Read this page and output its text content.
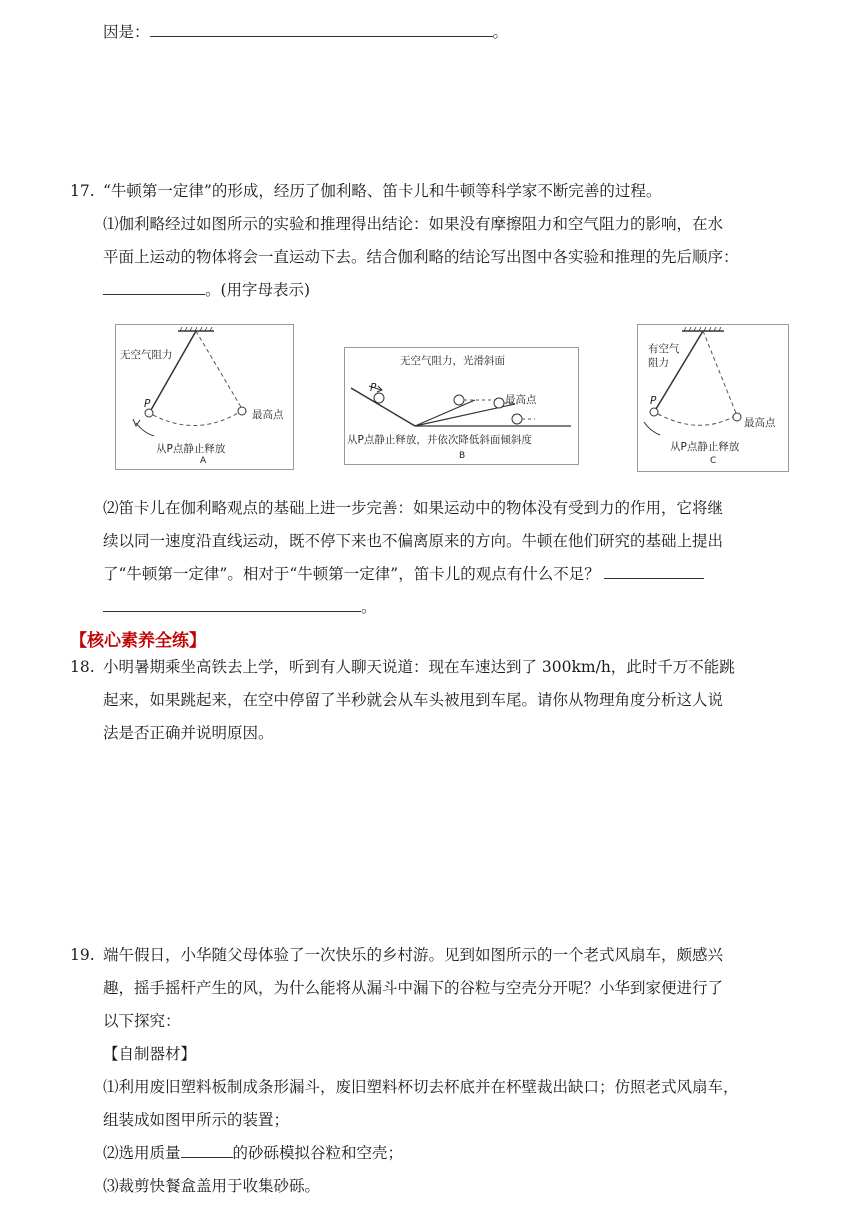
因是：	。
17. “牛顿第一定律”的形成，经历了伽利略、笛卡儿和牛顿等科学家不断完善的过程。
⑴伽利略经过如图所示的实验和推理得出结论：如果没有摩擦阻力和空气阻力的影响，在水
平面上运动的物体将会一直运动下去。结合伽利略的结论写出图中各实验和推理的先后顺序：
。(用字母表示)
无空气阻力
P
最高点
从P点静止释放
A
无空气阻力，光滑斜面
P
最高点
从P点静止释放，并依次降低斜面倾斜度
B
有空气
阻力
P
最高点
从P点静止释放
C
⑵笛卡儿在伽利略观点的基础上进一步完善：如果运动中的物体没有受到力的作用，它将继
续以同一速度沿直线运动，既不停下来也不偏离原来的方向。牛顿在他们研究的基础上提出
了“牛顿第一定律”。相对于“牛顿第一定律”，笛卡儿的观点有什么不足？
。
【核心素养全练】
18. 小明暑期乘坐高铁去上学，听到有人聊天说道：现在车速达到了 300km/h，此时千万不能跳
起来，如果跳起来，在空中停留了半秒就会从车头被甩到车尾。请你从物理角度分析这人说
法是否正确并说明原因。
19. 端午假日，小华随父母体验了一次快乐的乡村游。见到如图所示的一个老式风扇车，颇感兴
趣，摇手摇杆产生的风，为什么能将从漏斗中漏下的谷粒与空壳分开呢？小华到家便进行了
以下探究：
【自制器材】
⑴利用废旧塑料板制成条形漏斗，废旧塑料杯切去杯底并在杯壁裁出缺口；仿照老式风扇车，
组装成如图甲所示的装置；
⑵选用质量	的砂砾模拟谷粒和空壳；
⑶裁剪快餐盒盖用于收集砂砾。
